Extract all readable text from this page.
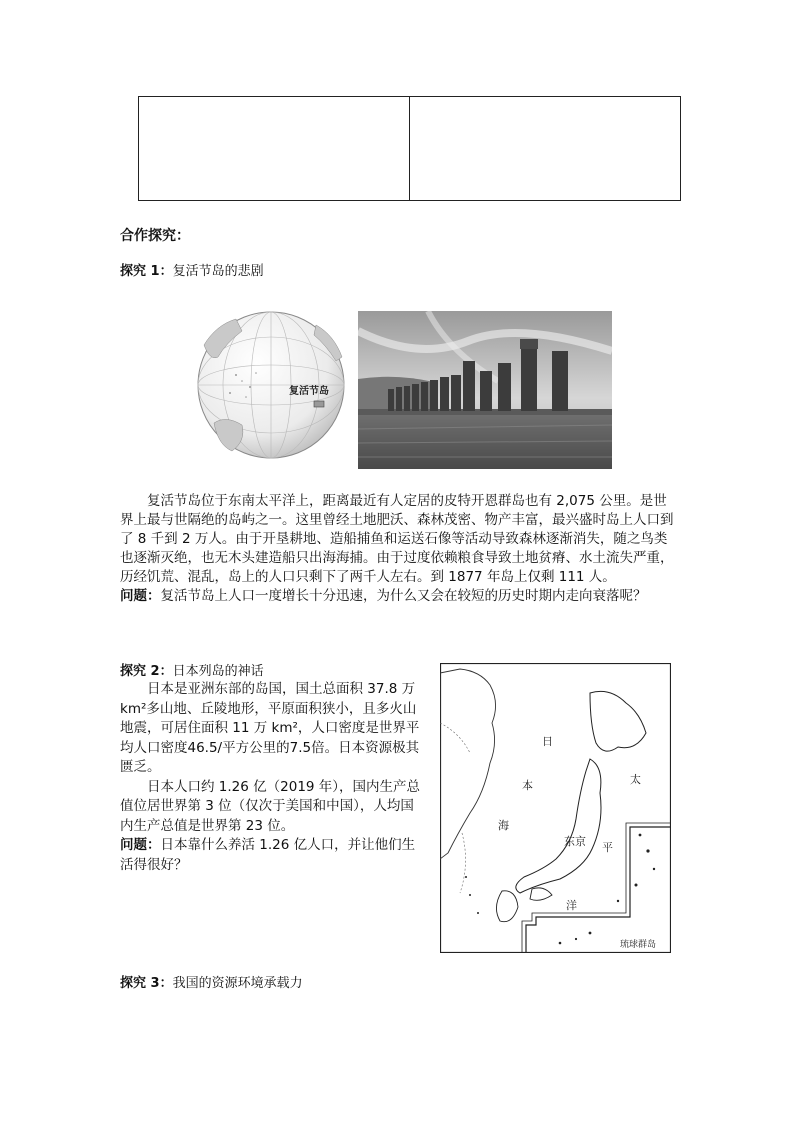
合作探究：
探究 1：复活节岛的悲剧
复活节岛

复活节岛位于东南太平洋上，距离最近有人定居的皮特开恩群岛也有 2,075 公里。是世界上最与世隔绝的岛屿之一。这里曾经土地肥沃、森林茂密、物产丰富，最兴盛时岛上人口到了 8 千到 2 万人。由于开垦耕地、造船捕鱼和运送石像等活动导致森林逐渐消失，随之鸟类也逐渐灭绝，也无木头建造船只出海海捕。由于过度依赖粮食导致土地贫瘠、水土流失严重，历经饥荒、混乱，岛上的人口只剩下了两千人左右。到 1877 年岛上仅剩 111 人。

问题：复活节岛上人口一度增长十分迅速，为什么又会在较短的历史时期内走向衰落呢？

探究 2：日本列岛的神话

日本是亚洲东部的岛国，国土总面积 37.8 万

km²多山地、丘陵地形，平原面积狭小，且多火山

地震，可居住面积 11 万 km²，人口密度是世界平

均人口密度46.5/平方公里的7.5倍。日本资源极其

匮乏。

日本人口约 1.26 亿（2019 年），国内生产总

值位居世界第 3 位（仅次于美国和中国），人均国

内生产总值是世界第 23 位。

问题：日本靠什么养活 1.26 亿人口，并让他们生

活得很好？

日
本
海
太
平
洋
东京
琉球群岛
探究 3：我国的资源环境承载力
